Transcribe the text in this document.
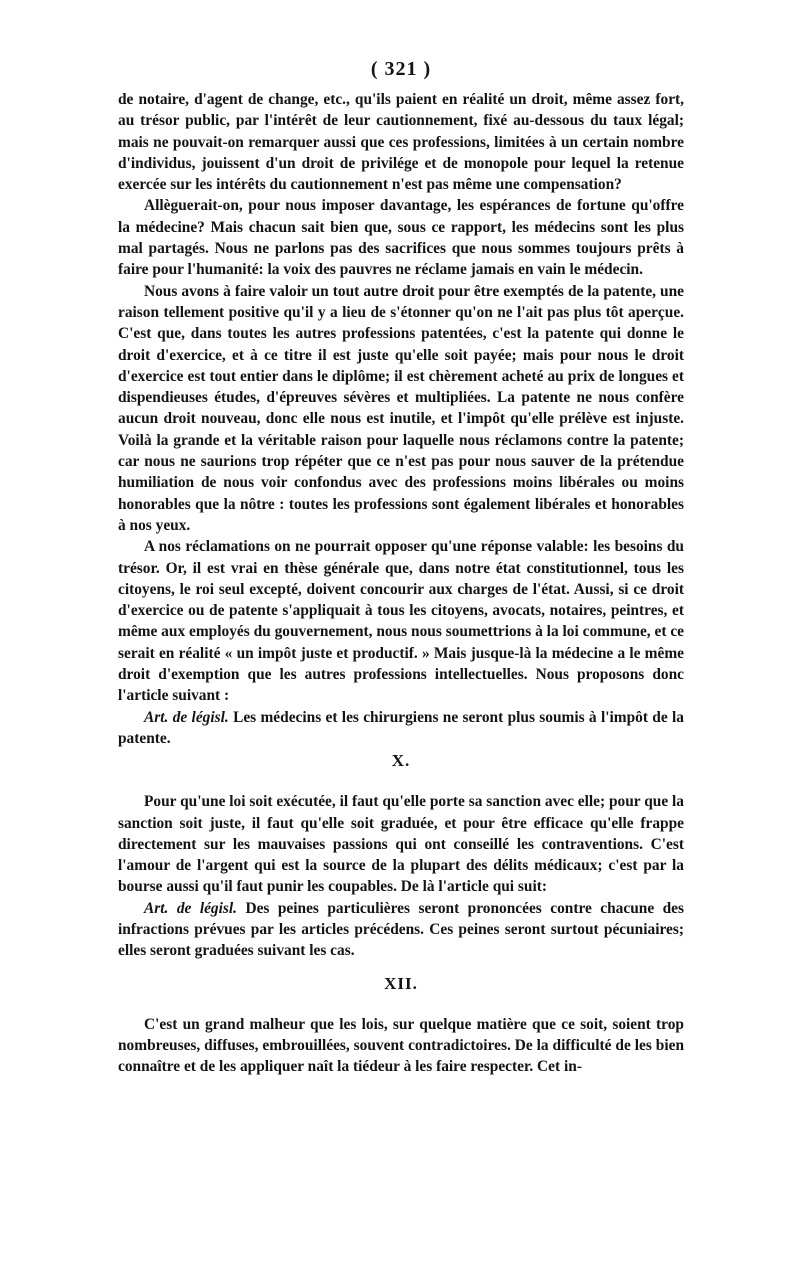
( 321 )

de notaire, d'agent de change, etc., qu'ils paient en réalité un droit, même assez fort, au trésor public, par l'intérêt de leur cautionnement, fixé au-dessous du taux légal; mais ne pouvait-on remarquer aussi que ces professions, limitées à un certain nombre d'individus, jouissent d'un droit de privilége et de monopole pour lequel la retenue exercée sur les intérêts du cautionnement n'est pas même une compensation?

Allèguerait-on, pour nous imposer davantage, les espérances de fortune qu'offre la médecine? Mais chacun sait bien que, sous ce rapport, les médecins sont les plus mal partagés. Nous ne parlons pas des sacrifices que nous sommes toujours prêts à faire pour l'humanité: la voix des pauvres ne réclame jamais en vain le médecin.

Nous avons à faire valoir un tout autre droit pour être exemptés de la patente, une raison tellement positive qu'il y a lieu de s'étonner qu'on ne l'ait pas plus tôt aperçue. C'est que, dans toutes les autres professions patentées, c'est la patente qui donne le droit d'exercice, et à ce titre il est juste qu'elle soit payée; mais pour nous le droit d'exercice est tout entier dans le diplôme; il est chèrement acheté au prix de longues et dispendieuses études, d'épreuves sévères et multipliées. La patente ne nous confère aucun droit nouveau, donc elle nous est inutile, et l'impôt qu'elle prélève est injuste. Voilà la grande et la véritable raison pour laquelle nous réclamons contre la patente; car nous ne saurions trop répéter que ce n'est pas pour nous sauver de la prétendue humiliation de nous voir confondus avec des professions moins libérales ou moins honorables que la nôtre : toutes les professions sont également libérales et honorables à nos yeux.

A nos réclamations on ne pourrait opposer qu'une réponse valable: les besoins du trésor. Or, il est vrai en thèse générale que, dans notre état constitutionnel, tous les citoyens, le roi seul excepté, doivent concourir aux charges de l'état. Aussi, si ce droit d'exercice ou de patente s'appliquait à tous les citoyens, avocats, notaires, peintres, et même aux employés du gouvernement, nous nous soumettrions à la loi commune, et ce serait en réalité « un impôt juste et productif. » Mais jusque-là la médecine a le même droit d'exemption que les autres professions intellectuelles. Nous proposons donc l'article suivant :

Art. de législ. Les médecins et les chirurgiens ne seront plus soumis à l'impôt de la patente.

X.

Pour qu'une loi soit exécutée, il faut qu'elle porte sa sanction avec elle; pour que la sanction soit juste, il faut qu'elle soit graduée, et pour être efficace qu'elle frappe directement sur les mauvaises passions qui ont conseillé les contraventions. C'est l'amour de l'argent qui est la source de la plupart des délits médicaux; c'est par la bourse aussi qu'il faut punir les coupables. De là l'article qui suit:

Art. de législ. Des peines particulières seront prononcées contre chacune des infractions prévues par les articles précédens. Ces peines seront surtout pécuniaires; elles seront graduées suivant les cas.

XII.

C'est un grand malheur que les lois, sur quelque matière que ce soit, soient trop nombreuses, diffuses, embrouillées, souvent contradictoires. De la difficulté de les bien connaître et de les appliquer naît la tiédeur à les faire respecter. Cet in-
